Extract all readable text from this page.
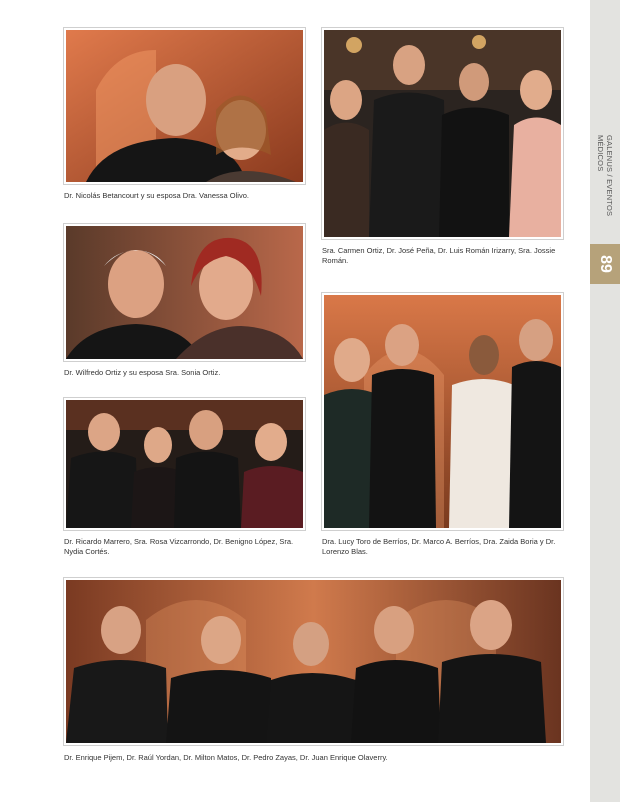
GALENUS / EVENTOS MÉDICOS
89
Dr. Nicolás Betancourt y su esposa Dra. Vanessa Olivo.
Sra. Carmen Ortiz, Dr. José Peña, Dr. Luis Román Irizarry, Sra. Jossie Román.
Dr. Wilfredo Ortiz y su esposa Sra. Sonia Ortiz.
Dra. Lucy Toro de Berríos, Dr. Marco A. Berríos, Dra. Zaida Boria y Dr. Lorenzo Blas.
Dr. Ricardo Marrero, Sra. Rosa Vizcarrondo, Dr. Benigno López, Sra. Nydia Cortés.
Dr. Enrique Pijem, Dr. Raúl Yordan, Dr. Milton Matos, Dr. Pedro Zayas, Dr. Juan Enrique Olaverry.
